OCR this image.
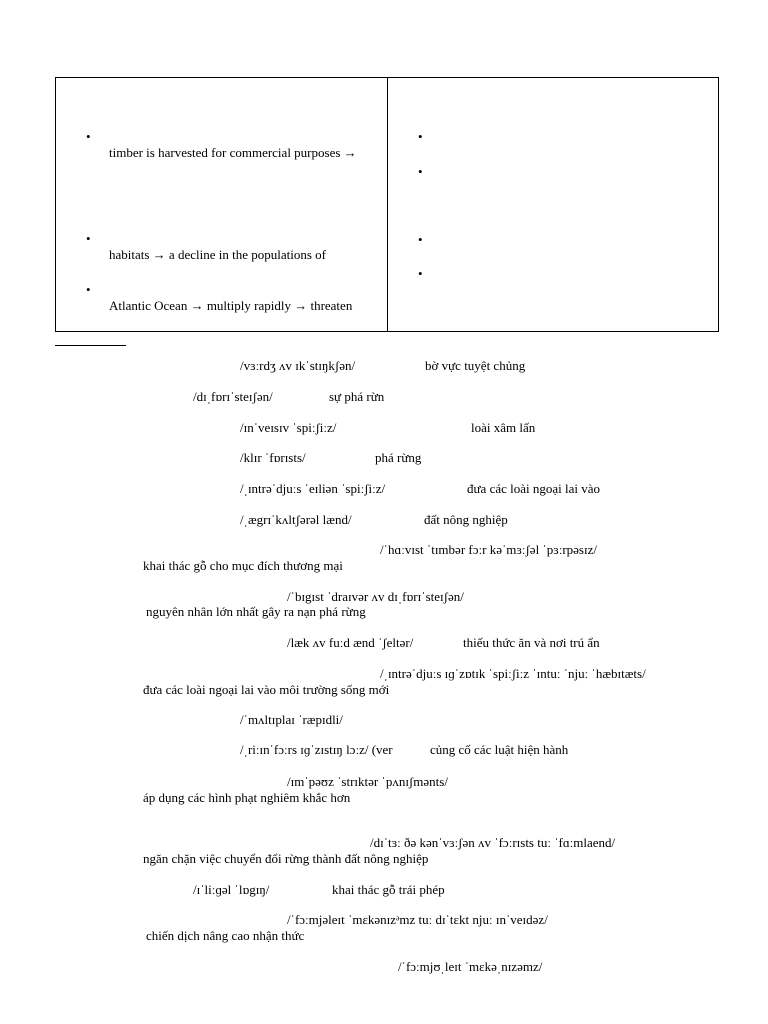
•
timber is harvested for commercial purposes →
•
habitats → a decline in the populations of
•
Atlantic Ocean → multiply rapidly → threaten
•
•
•
•
/vɜːrdʒ ʌv ɪkˈstɪŋkʃən/	bờ vực tuyệt chủng
/dɪˌfɒrɪˈsteɪʃən/	sự phá rừn
/ɪnˈveɪsɪv ˈspiːʃiːz/	loài xâm lấn
/klɪr ˈfɒrɪsts/	phá rừng
/ˌɪntrəˈdjuːs ˈeɪliən ˈspiːʃiːz/	đưa các loài ngoại lai vào
/ˌægrɪˈkʌltʃərəl lænd/	đất nông nghiệp
/ˈhɑːvɪst ˈtɪmbər fɔːr kəˈmɜːʃəl ˈpɜːrpəsɪz/
khai thác gỗ cho mục đích thương mại
/ˈbɪgɪst ˈdraɪvər ʌv dɪˌfɒrɪˈsteɪʃən/
nguyên nhân lớn nhất gây ra nạn phá rừng
/læk ʌv fuːd ænd ˈʃeltər/	thiếu thức ăn và nơi trú ẩn
/ˌɪntrəˈdjuːs ɪɡˈzɒtɪk ˈspiːʃiːz ˈɪntuː ˈnjuː ˈhæbɪtæts/
đưa các loài ngoại lai vào môi trường sống mới
/ˈmʌltɪplaɪ ˈræpɪdli/
/ˌriːɪnˈfɔːrs ɪɡˈzɪstɪŋ lɔːz/ (ver	củng cố các luật hiện hành
/ɪmˈpəʊz ˈstrɪktər ˈpʌnɪʃmənts/
áp dụng các hình phạt nghiêm khắc hơn
/dɪˈtɜː ðə kənˈvɜːʃən ʌv ˈfɔːrɪsts tuː ˈfɑːmlaend/
ngăn chặn việc chuyển đổi rừng thành đất nông nghiệp
/ɪˈliːɡəl ˈlɒgɪŋ/	khai thác gỗ trái phép
/ˈfɔːmjəleɪt ˈmɛkənɪzᵊmz tuː dɪˈtɛkt njuː ɪnˈveɪdəz/
chiến dịch nâng cao nhận thức
/ˈfɔːmjʊˌleɪt ˈmɛkəˌnɪzəmz/
